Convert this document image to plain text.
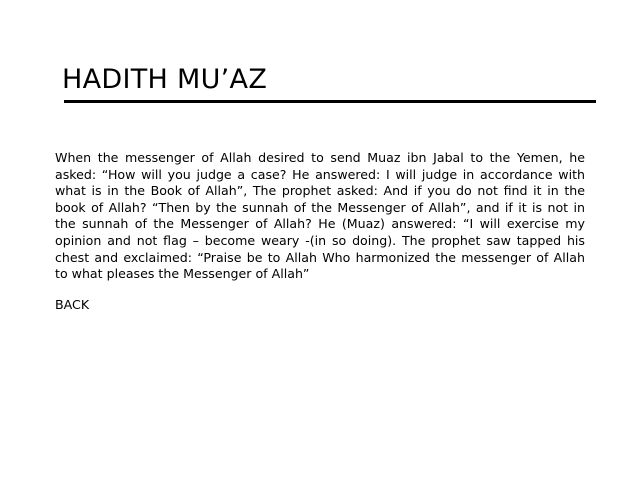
HADITH MU’AZ

When the messenger of Allah desired to send Muaz ibn Jabal to the Yemen, he asked: “How will you judge a case? He answered: I will judge in accordance with what is in the Book of Allah”, The prophet asked: And if you do not find it in the book of Allah? “Then by the sunnah of the Messenger of Allah”, and if it is not in the sunnah of the Messenger of Allah? He (Muaz) answered: “I will exercise my opinion and not flag – become weary -(in so doing). The prophet saw tapped his chest and exclaimed: “Praise be to Allah Who harmonized the messenger of Allah to what pleases the Messenger of Allah”

BACK
